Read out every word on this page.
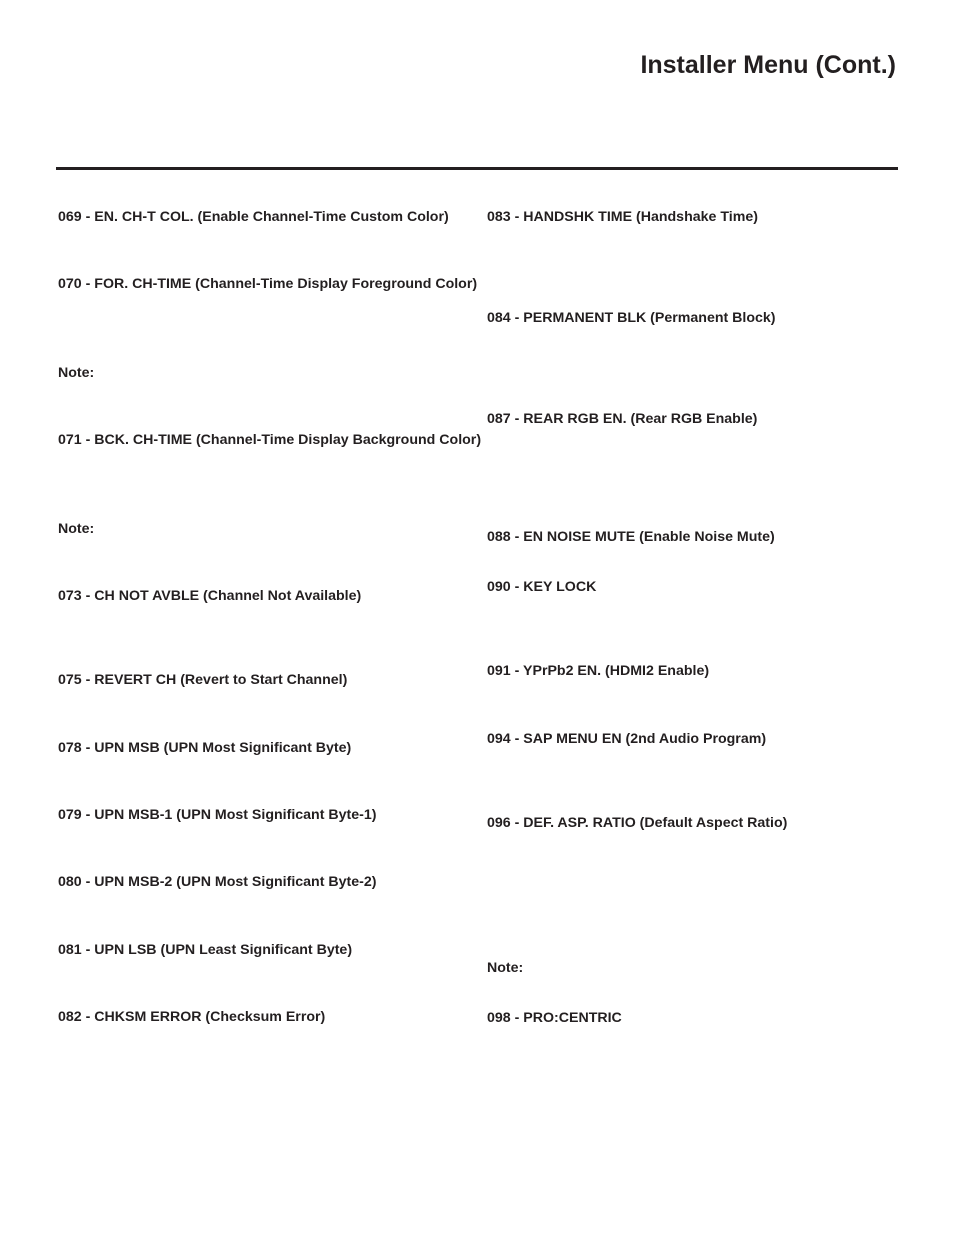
Installer Menu (Cont.)
069 - EN. CH-T COL. (Enable Channel-Time Custom Color)
070 - FOR. CH-TIME (Channel-Time Display Foreground Color)
Note:
071 - BCK. CH-TIME (Channel-Time Display Background Color)
Note:
073 - CH NOT AVBLE (Channel Not Available)
075 - REVERT CH (Revert to Start Channel)
078 - UPN MSB (UPN Most Significant Byte)
079 - UPN MSB-1 (UPN Most Significant Byte-1)
080 - UPN MSB-2 (UPN Most Significant Byte-2)
081 - UPN LSB (UPN Least Significant Byte)
082 - CHKSM ERROR (Checksum Error)
083 - HANDSHK TIME (Handshake Time)
084 - PERMANENT BLK (Permanent Block)
087 - REAR RGB EN. (Rear RGB Enable)
088 - EN NOISE MUTE (Enable Noise Mute)
090 - KEY LOCK
091 - YPrPb2 EN. (HDMI2 Enable)
094 - SAP MENU EN (2nd Audio Program)
096 - DEF. ASP. RATIO (Default Aspect Ratio)
Note:
098 - PRO:CENTRIC
